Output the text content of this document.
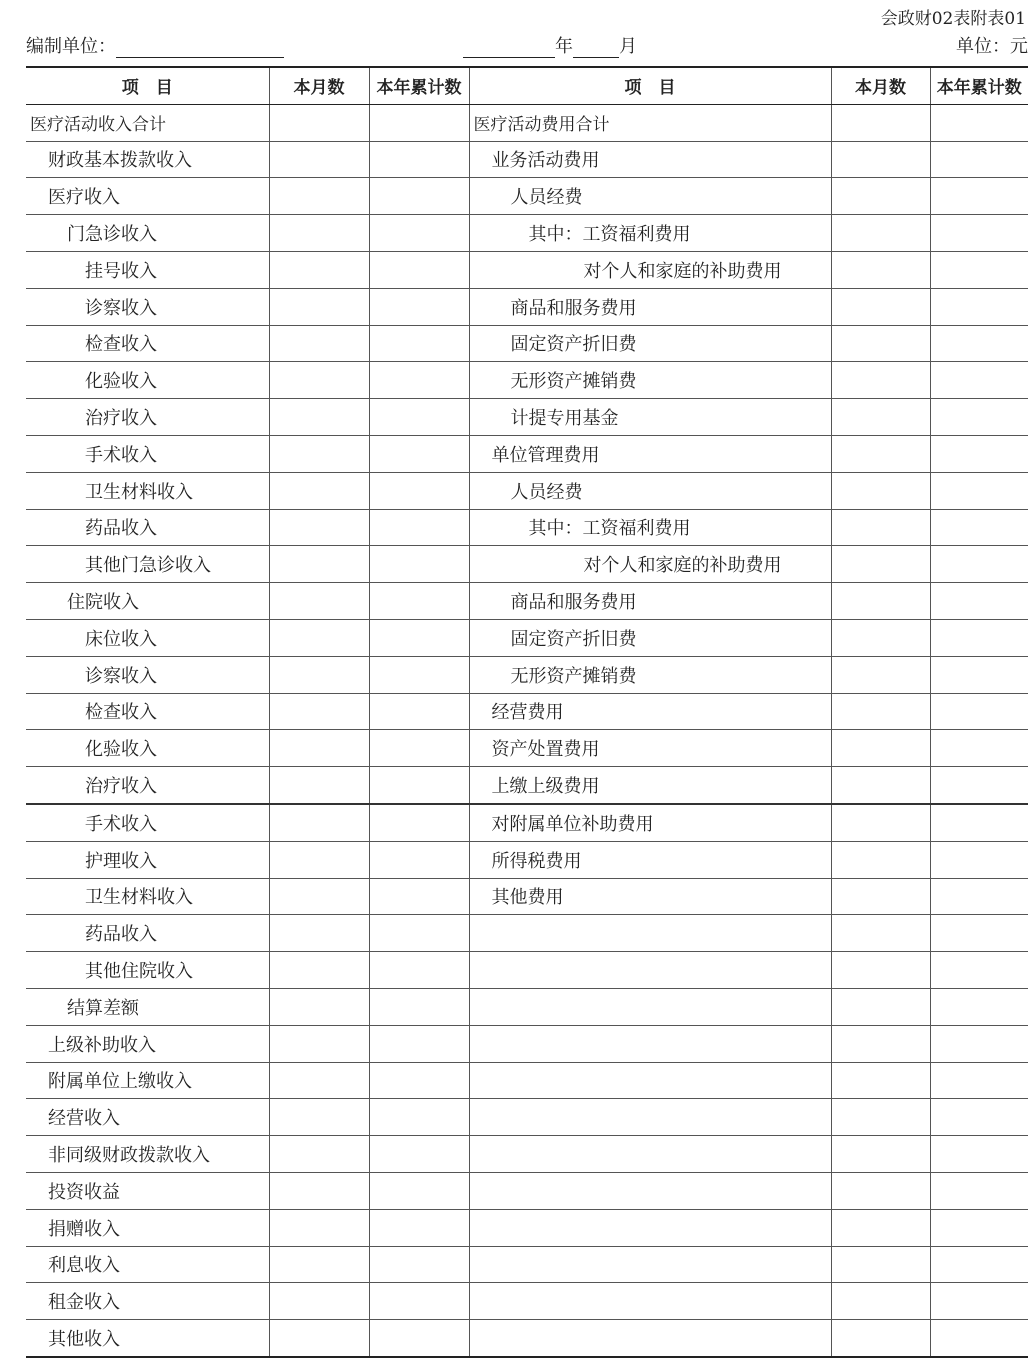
会政财02表附表01
编制单位：	年	月	单位：元
项　目	本月数	本年累计数	项　目	本月数	本年累计数
医疗活动收入合计			医疗活动费用合计		
财政基本拨款收入			业务活动费用		
医疗收入			人员经费		
门急诊收入			其中：工资福利费用		
挂号收入			对个人和家庭的补助费用		
诊察收入			商品和服务费用		
检查收入			固定资产折旧费		
化验收入			无形资产摊销费		
治疗收入			计提专用基金		
手术收入			单位管理费用		
卫生材料收入			人员经费		
药品收入			其中：工资福利费用		
其他门急诊收入			对个人和家庭的补助费用		
住院收入			商品和服务费用		
床位收入			固定资产折旧费		
诊察收入			无形资产摊销费		
检查收入			经营费用		
化验收入			资产处置费用		
治疗收入			上缴上级费用		
手术收入			对附属单位补助费用		
护理收入			所得税费用		
卫生材料收入			其他费用		
药品收入					
其他住院收入					
结算差额					
上级补助收入					
附属单位上缴收入					
经营收入					
非同级财政拨款收入					
投资收益					
捐赠收入					
利息收入					
租金收入					
其他收入					
